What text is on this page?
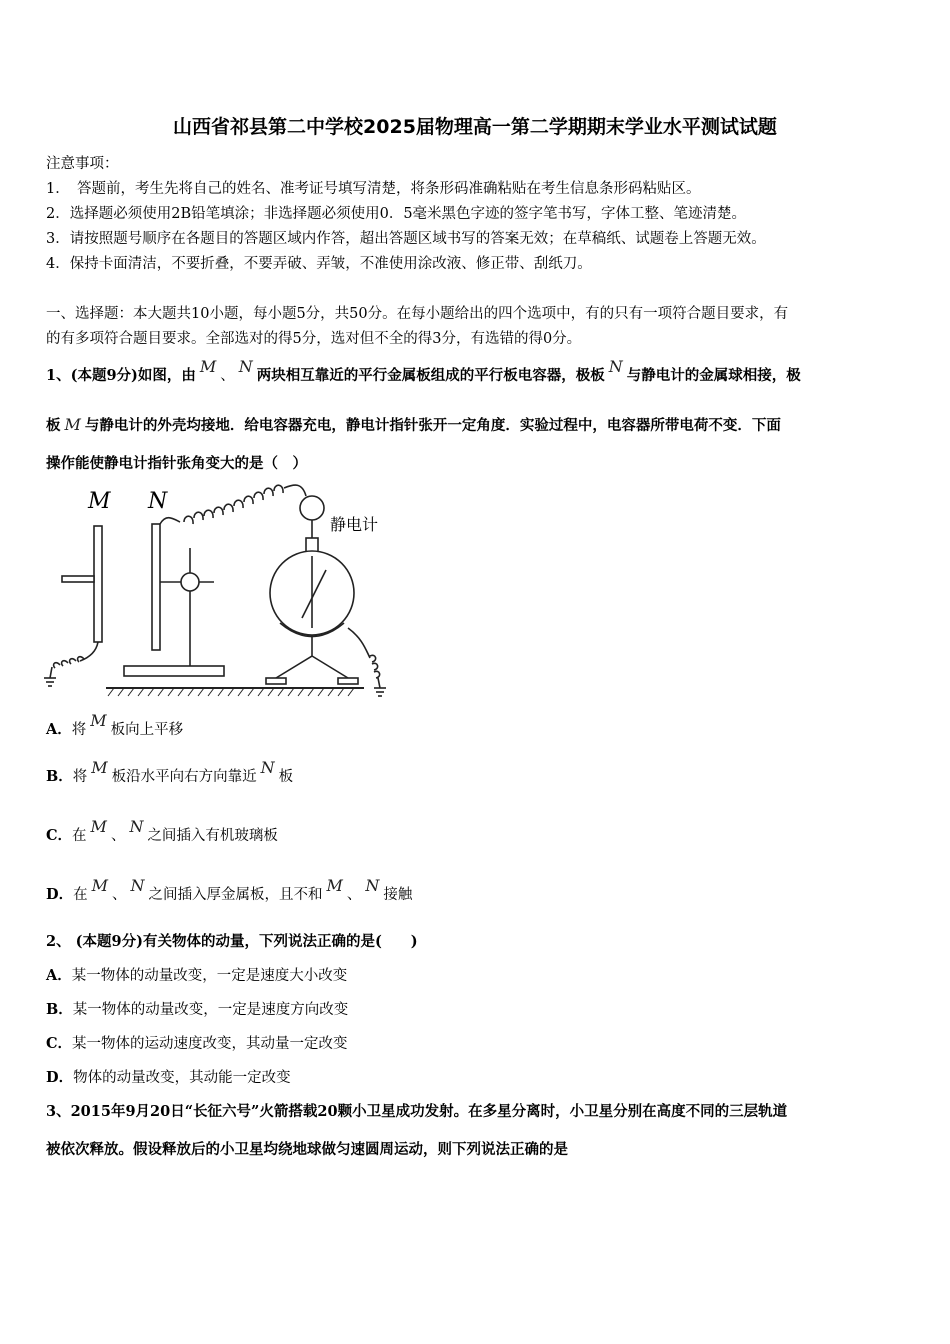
山西省祁县第二中学校2025届物理高一第二学期期末学业水平测试试题
注意事项：
1．　答题前，考生先将自己的姓名、准考证号填写清楚，将条形码准确粘贴在考生信息条形码粘贴区。
2．选择题必须使用2B铅笔填涂；非选择题必须使用0．5毫米黑色字迹的签字笔书写，字体工整、笔迹清楚。
3．请按照题号顺序在各题目的答题区域内作答，超出答题区域书写的答案无效；在草稿纸、试题卷上答题无效。
4．保持卡面清洁，不要折叠，不要弄破、弄皱，不准使用涂改液、修正带、刮纸刀。
一、选择题：本大题共10小题，每小题5分，共50分。在每小题给出的四个选项中，有的只有一项符合题目要求，有
的有多项符合题目要求。全部选对的得5分，选对但不全的得3分，有选错的得0分。
1、(本题9分)如图，由 M 、 N 两块相互靠近的平行金属板组成的平行板电容器，极板 N 与静电计的金属球相接，极
板 M 与静电计的外壳均接地．给电容器充电，静电计指针张开一定角度．实验过程中，电容器所带电荷不变．下面
操作能使静电计指针张角变大的是（　）
M N
静电计
A．将 M 板向上平移
B．将 M 板沿水平向右方向靠近 N 板
C．在 M 、 N 之间插入有机玻璃板
D．在 M 、 N 之间插入厚金属板，且不和 M 、 N 接触
2、 (本题9分)有关物体的动量，下列说法正确的是(　　)
A．某一物体的动量改变，一定是速度大小改变
B．某一物体的动量改变，一定是速度方向改变
C．某一物体的运动速度改变，其动量一定改变
D．物体的动量改变，其动能一定改变
3、2015年9月20日“长征六号”火箭搭载20颗小卫星成功发射。在多星分离时，小卫星分别在高度不同的三层轨道
被依次释放。假设释放后的小卫星均绕地球做匀速圆周运动，则下列说法正确的是
